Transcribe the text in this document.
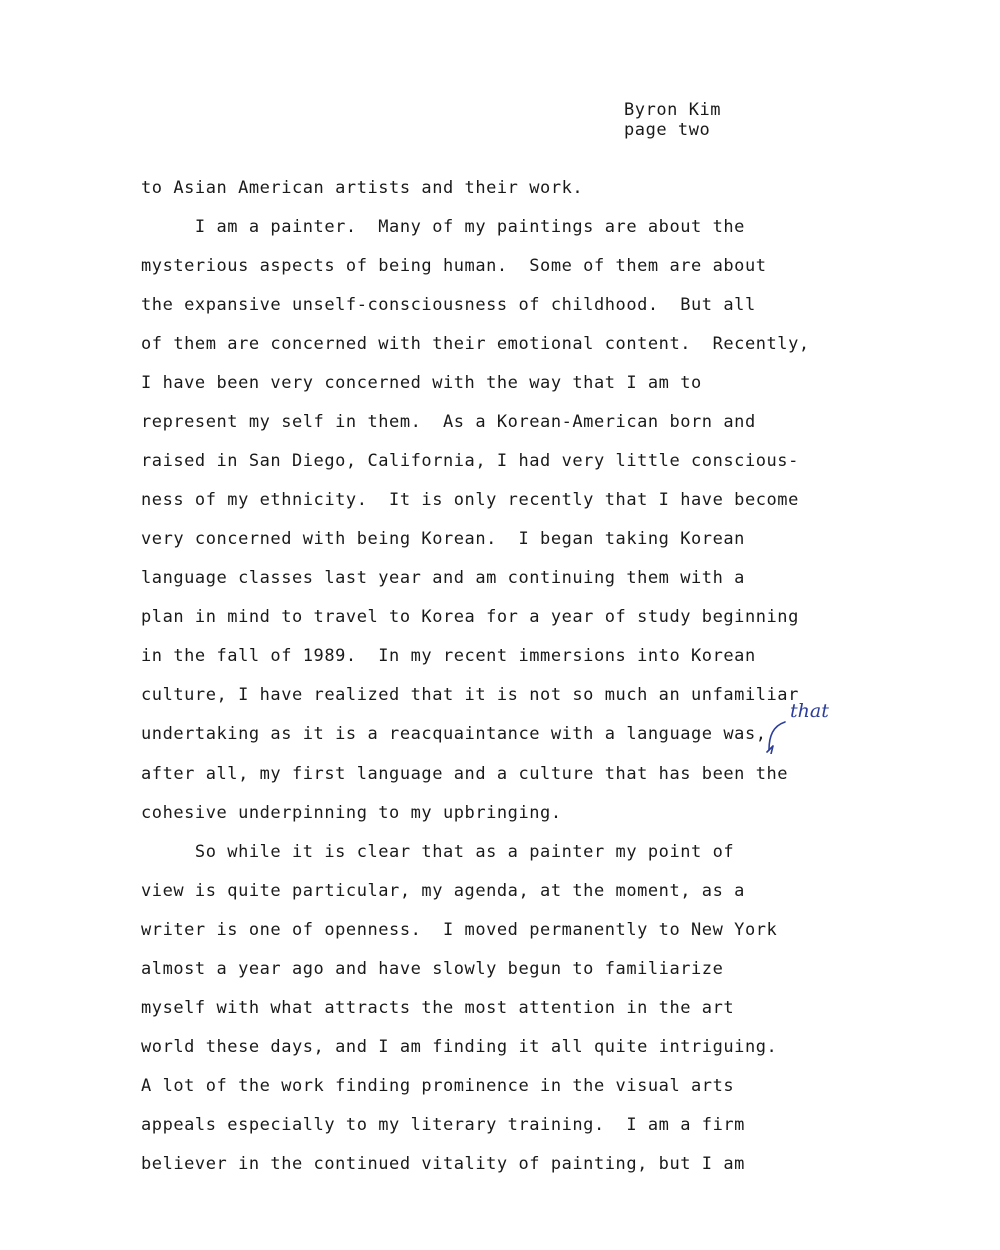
Byron Kim
page two
to Asian American artists and their work.
I am a painter.  Many of my paintings are about the
mysterious aspects of being human.  Some of them are about
the expansive unself-consciousness of childhood.  But all
of them are concerned with their emotional content.  Recently,
I have been very concerned with the way that I am to
represent my self in them.  As a Korean-American born and
raised in San Diego, California, I had very little conscious-
ness of my ethnicity.  It is only recently that I have become
very concerned with being Korean.  I began taking Korean
language classes last year and am continuing them with a
plan in mind to travel to Korea for a year of study beginning
in the fall of 1989.  In my recent immersions into Korean
culture, I have realized that it is not so much an unfamiliar
undertaking as it is a reacquaintance with a language was,
after all, my first language and a culture that has been the
cohesive underpinning to my upbringing.
So while it is clear that as a painter my point of
view is quite particular, my agenda, at the moment, as a
writer is one of openness.  I moved permanently to New York
almost a year ago and have slowly begun to familiarize
myself with what attracts the most attention in the art
world these days, and I am finding it all quite intriguing.
A lot of the work finding prominence in the visual arts
appeals especially to my literary training.  I am a firm
believer in the continued vitality of painting, but I am
that
